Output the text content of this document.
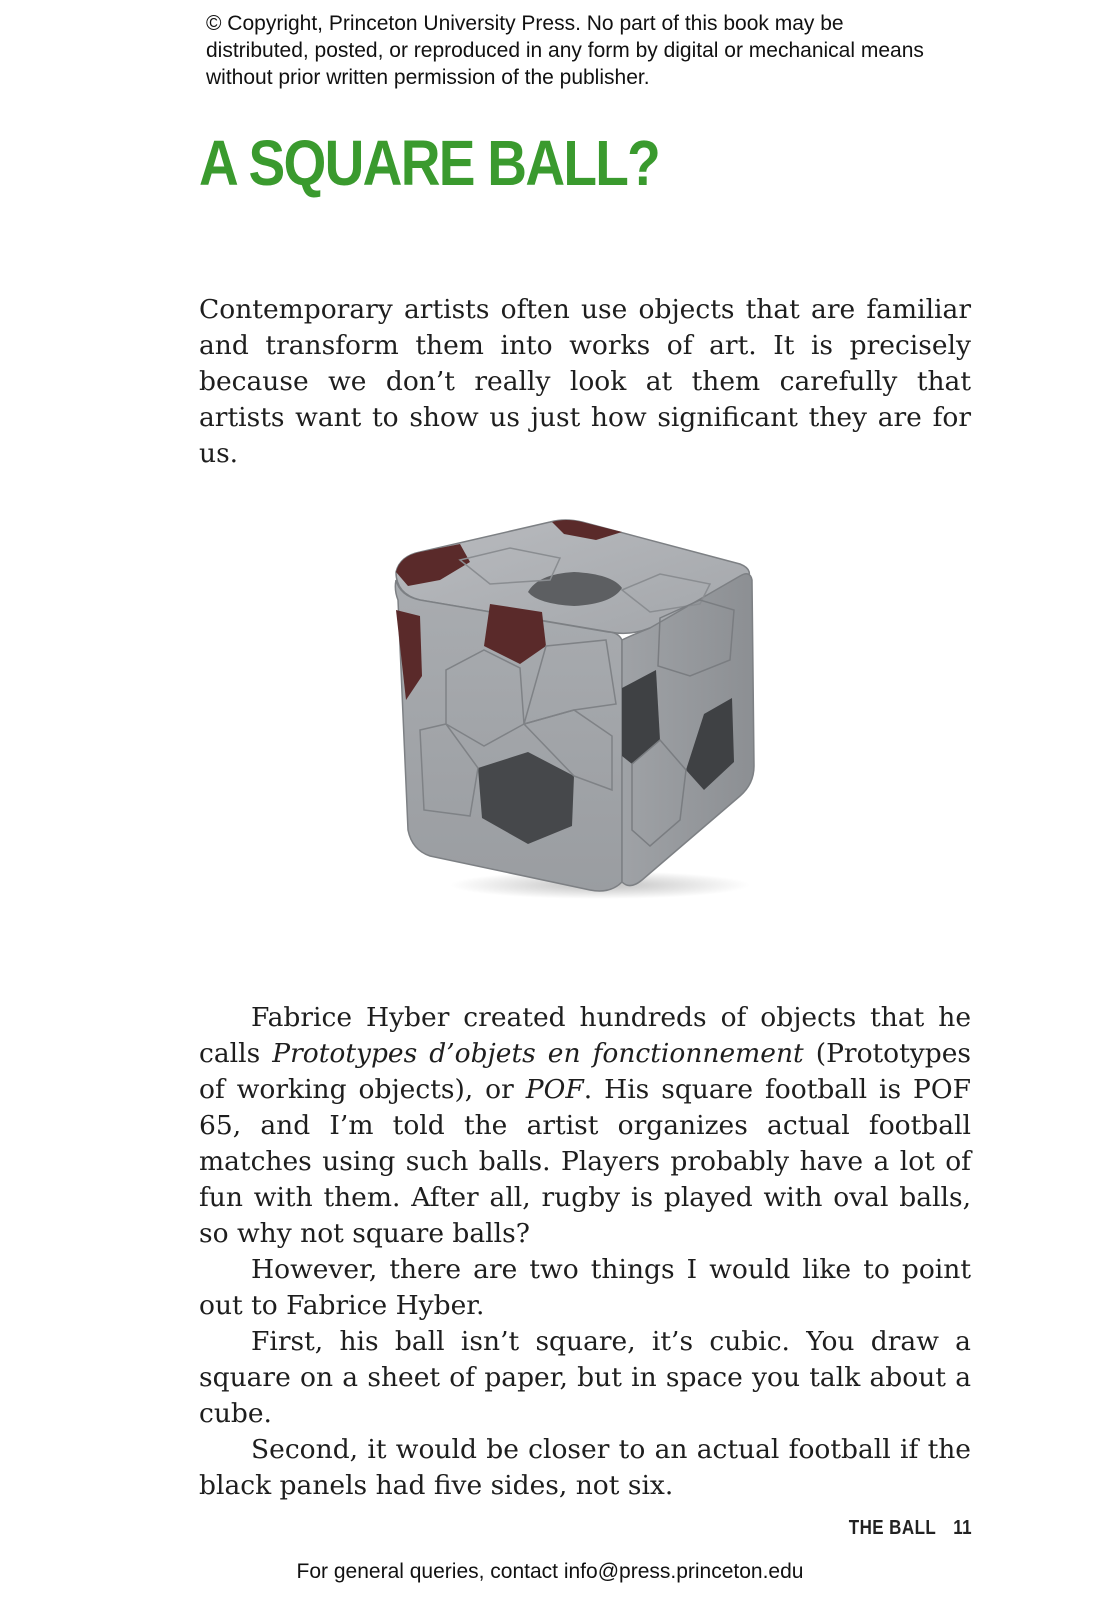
© Copyright, Princeton University Press. No part of this book may be distributed, posted, or reproduced in any form by digital or mechanical means without prior written permission of the publisher.
A SQUARE BALL?

Contemporary artists often use objects that are familiar and transform them into works of art. It is precisely because we don’t really look at them carefully that artists want to show us just how significant they are for us.

Fabrice Hyber created hundreds of objects that he calls Prototypes d’objets en fonctionnement (Prototypes of working objects), or POF. His square football is POF 65, and I’m told the artist organizes actual football matches using such balls. Players probably have a lot of fun with them. After all, rugby is played with oval balls, so why not square balls?

However, there are two things I would like to point out to Fabrice Hyber.

First, his ball isn’t square, it’s cubic. You draw a square on a sheet of paper, but in space you talk about a cube.

Second, it would be closer to an actual football if the black panels had five sides, not six.

THE BALL 11
For general queries, contact info@press.princeton.edu
